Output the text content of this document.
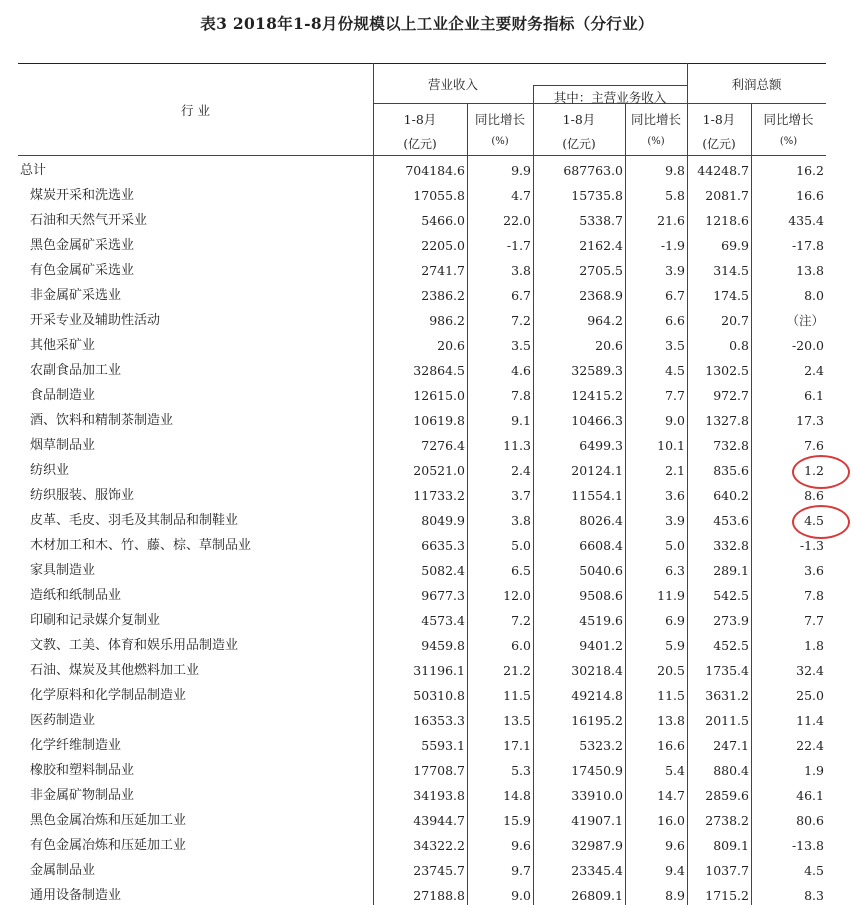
表3 2018年1-8月份规模以上工业企业主要财务指标（分行业）
行 业
营业收入
其中：主营业务收入
利润总额
1-8月
(亿元)
同比增长
(%)
1-8月
(亿元)
同比增长
(%)
1-8月
(亿元)
同比增长
(%)
总计	704184.6	9.9	687763.0	9.8 44248.7	16.2
煤炭开采和洗选业	17055.8	4.7	15735.8	5.8 2081.7	16.6
石油和天然气开采业	5466.0	22.0	5338.7	21.6 1218.6	435.4
黑色金属矿采选业	2205.0	-1.7	2162.4	-1.9	69.9	-17.8
有色金属矿采选业	2741.7	3.8	2705.5	3.9 314.5	13.8
非金属矿采选业	2386.2	6.7	2368.9	6.7 174.5	8.0
开采专业及辅助性活动	986.2	7.2	964.2	6.6	20.7	（注）
其他采矿业	20.6	3.5	20.6	3.5	0.8	-20.0
农副食品加工业	32864.5	4.6	32589.3	4.5 1302.5	2.4
食品制造业	12615.0	7.8	12415.2	7.7 972.7	6.1
酒、饮料和精制茶制造业	10619.8	9.1	10466.3	9.0 1327.8	17.3
烟草制品业	7276.4	11.3	6499.3	10.1 732.8	7.6
纺织业	20521.0	2.4	20124.1	2.1 835.6	1.2
纺织服装、服饰业	11733.2	3.7	11554.1	3.6 640.2	8.6
皮革、毛皮、羽毛及其制品和制鞋业	8049.9	3.8	8026.4	3.9 453.6	4.5
木材加工和木、竹、藤、棕、草制品业	6635.3	5.0	6608.4	5.0 332.8	-1.3
家具制造业	5082.4	6.5	5040.6	6.3 289.1	3.6
造纸和纸制品业	9677.3	12.0	9508.6	11.9 542.5	7.8
印刷和记录媒介复制业	4573.4	7.2	4519.6	6.9 273.9	7.7
文教、工美、体育和娱乐用品制造业	9459.8	6.0	9401.2	5.9 452.5	1.8
石油、煤炭及其他燃料加工业	31196.1	21.2	30218.4	20.5 1735.4	32.4
化学原料和化学制品制造业	50310.8	11.5	49214.8	11.5 3631.2	25.0
医药制造业	16353.3	13.5	16195.2	13.8 2011.5	11.4
化学纤维制造业	5593.1	17.1	5323.2	16.6 247.1	22.4
橡胶和塑料制品业	17708.7	5.3	17450.9	5.4 880.4	1.9
非金属矿物制品业	34193.8	14.8	33910.0	14.7 2859.6	46.1
黑色金属冶炼和压延加工业	43944.7	15.9	41907.1	16.0 2738.2	80.6
有色金属冶炼和压延加工业	34322.2	9.6	32987.9	9.6 809.1	-13.8
金属制品业	23745.7	9.7	23345.4	9.4 1037.7	4.5
通用设备制造业	27188.8	9.0	26809.1	8.9 1715.2	8.3
